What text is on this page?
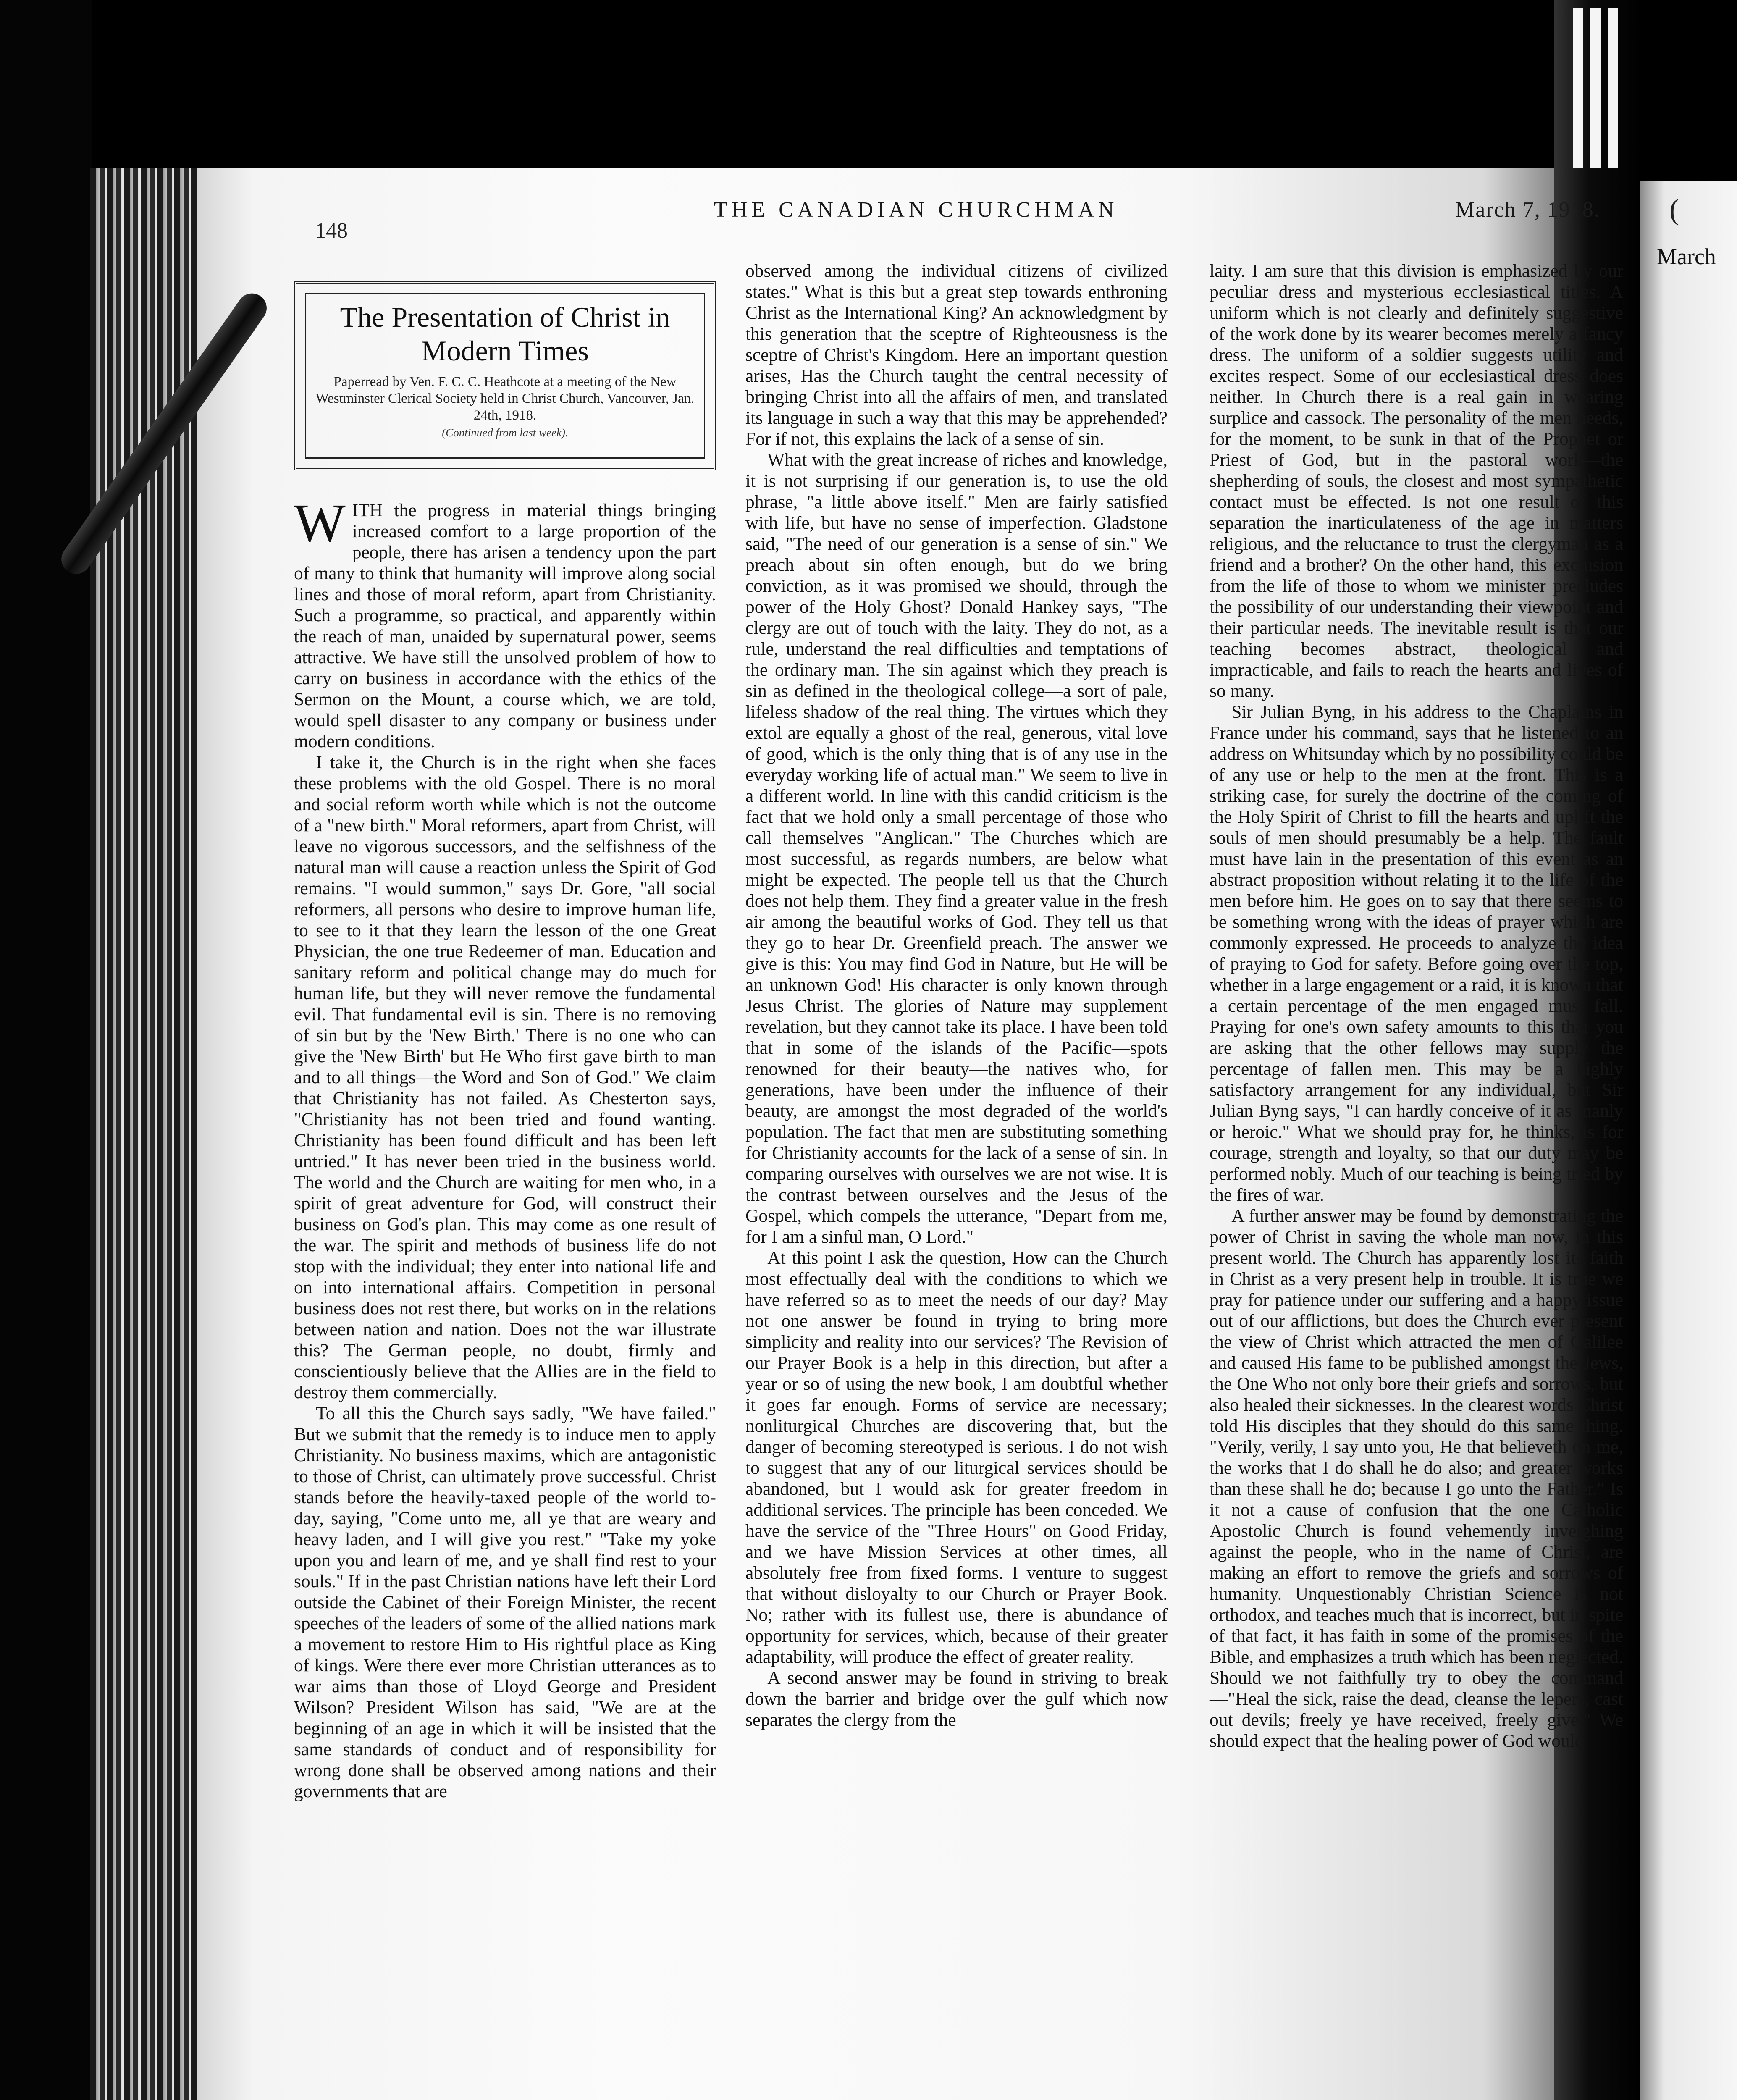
(
March
148
THE CANADIAN CHURCHMAN	March 7, 1918.
The Presentation of Christ in Modern Times
Paperread by Ven. F. C. C. Heathcote at a meeting of the New Westminster Clerical Society held in Christ Church, Vancouver, Jan. 24th, 1918.
(Continued from last week).

WITH the progress in material things bringing increased comfort to a large proportion of the people, there has arisen a tendency upon the part of many to think that humanity will improve along social lines and those of moral reform, apart from Christianity. Such a programme, so practical, and apparently within the reach of man, unaided by supernatural power, seems attractive. We have still the unsolved problem of how to carry on business in accordance with the ethics of the Sermon on the Mount, a course which, we are told, would spell disaster to any company or business under modern conditions.

I take it, the Church is in the right when she faces these problems with the old Gospel. There is no moral and social reform worth while which is not the outcome of a "new birth." Moral reformers, apart from Christ, will leave no vigorous successors, and the selfishness of the natural man will cause a reaction unless the Spirit of God remains. "I would summon," says Dr. Gore, "all social reformers, all persons who desire to improve human life, to see to it that they learn the lesson of the one Great Physician, the one true Redeemer of man. Education and sanitary reform and political change may do much for human life, but they will never remove the fundamental evil. That fundamental evil is sin. There is no removing of sin but by the 'New Birth.' There is no one who can give the 'New Birth' but He Who first gave birth to man and to all things—the Word and Son of God." We claim that Christianity has not failed. As Chesterton says, "Christianity has not been tried and found wanting. Christianity has been found difficult and has been left untried." It has never been tried in the business world. The world and the Church are waiting for men who, in a spirit of great adventure for God, will construct their business on God's plan. This may come as one result of the war. The spirit and methods of business life do not stop with the individual; they enter into national life and on into international affairs. Competition in personal business does not rest there, but works on in the relations between nation and nation. Does not the war illustrate this? The German people, no doubt, firmly and conscientiously believe that the Allies are in the field to destroy them commercially.

To all this the Church says sadly, "We have failed." But we submit that the remedy is to induce men to apply Christianity. No business maxims, which are antagonistic to those of Christ, can ultimately prove successful. Christ stands before the heavily-taxed people of the world to-day, saying, "Come unto me, all ye that are weary and heavy laden, and I will give you rest." "Take my yoke upon you and learn of me, and ye shall find rest to your souls." If in the past Christian nations have left their Lord outside the Cabinet of their Foreign Minister, the recent speeches of the leaders of some of the allied nations mark a movement to restore Him to His rightful place as King of kings. Were there ever more Christian utterances as to war aims than those of Lloyd George and President Wilson? President Wilson has said, "We are at the beginning of an age in which it will be insisted that the same standards of conduct and of responsibility for wrong done shall be observed among nations and their governments that are

observed among the individual citizens of civilized states." What is this but a great step towards enthroning Christ as the International King? An acknowledgment by this generation that the sceptre of Righteousness is the sceptre of Christ's Kingdom. Here an important question arises, Has the Church taught the central necessity of bringing Christ into all the affairs of men, and translated its language in such a way that this may be apprehended? For if not, this explains the lack of a sense of sin.

What with the great increase of riches and knowledge, it is not surprising if our generation is, to use the old phrase, "a little above itself." Men are fairly satisfied with life, but have no sense of imperfection. Gladstone said, "The need of our generation is a sense of sin." We preach about sin often enough, but do we bring conviction, as it was promised we should, through the power of the Holy Ghost? Donald Hankey says, "The clergy are out of touch with the laity. They do not, as a rule, understand the real difficulties and temptations of the ordinary man. The sin against which they preach is sin as defined in the theological college—a sort of pale, lifeless shadow of the real thing. The virtues which they extol are equally a ghost of the real, generous, vital love of good, which is the only thing that is of any use in the everyday working life of actual man." We seem to live in a different world. In line with this candid criticism is the fact that we hold only a small percentage of those who call themselves "Anglican." The Churches which are most successful, as regards numbers, are below what might be expected. The people tell us that the Church does not help them. They find a greater value in the fresh air among the beautiful works of God. They tell us that they go to hear Dr. Greenfield preach. The answer we give is this: You may find God in Nature, but He will be an unknown God! His character is only known through Jesus Christ. The glories of Nature may supplement revelation, but they cannot take its place. I have been told that in some of the islands of the Pacific—spots renowned for their beauty—the natives who, for generations, have been under the influence of their beauty, are amongst the most degraded of the world's population. The fact that men are substituting something for Christianity accounts for the lack of a sense of sin. In comparing ourselves with ourselves we are not wise. It is the contrast between ourselves and the Jesus of the Gospel, which compels the utterance, "Depart from me, for I am a sinful man, O Lord."

At this point I ask the question, How can the Church most effectually deal with the conditions to which we have referred so as to meet the needs of our day? May not one answer be found in trying to bring more simplicity and reality into our services? The Revision of our Prayer Book is a help in this direction, but after a year or so of using the new book, I am doubtful whether it goes far enough. Forms of service are necessary; nonliturgical Churches are discovering that, but the danger of becoming stereotyped is serious. I do not wish to suggest that any of our liturgical services should be abandoned, but I would ask for greater freedom in additional services. The principle has been conceded. We have the service of the "Three Hours" on Good Friday, and we have Mission Services at other times, all absolutely free from fixed forms. I venture to suggest that without disloyalty to our Church or Prayer Book. No; rather with its fullest use, there is abundance of opportunity for services, which, because of their greater adaptability, will produce the effect of greater reality.

A second answer may be found in striving to break down the barrier and bridge over the gulf which now separates the clergy from the

laity. I am sure that this division is emphasized by our peculiar dress and mysterious ecclesiastical titles. A uniform which is not clearly and definitely suggestive of the work done by its wearer becomes merely a fancy dress. The uniform of a soldier suggests utility and excites respect. Some of our ecclesiastical dress does neither. In Church there is a real gain in wearing surplice and cassock. The personality of the men needs, for the moment, to be sunk in that of the Prophet or Priest of God, but in the pastoral work—the shepherding of souls, the closest and most sympathetic contact must be effected. Is not one result of this separation the inarticulateness of the age in matters religious, and the reluctance to trust the clergyman as a friend and a brother? On the other hand, this exclusion from the life of those to whom we minister precludes the possibility of our understanding their viewpoint and their particular needs. The inevitable result is that our teaching becomes abstract, theological and impracticable, and fails to reach the hearts and lives of so many.

Sir Julian Byng, in his address to the Chaplains in France under his command, says that he listened to an address on Whitsunday which by no possibility could be of any use or help to the men at the front. This is a striking case, for surely the doctrine of the coming of the Holy Spirit of Christ to fill the hearts and uplift the souls of men should presumably be a help. The fault must have lain in the presentation of this event as an abstract proposition without relating it to the life of the men before him. He goes on to say that there seems to be something wrong with the ideas of prayer which are commonly expressed. He proceeds to analyze the idea of praying to God for safety. Before going over the top, whether in a large engagement or a raid, it is known that a certain percentage of the men engaged must fall. Praying for one's own safety amounts to this that you are asking that the other fellows may supply the percentage of fallen men. This may be a highly satisfactory arrangement for any individual, but Sir Julian Byng says, "I can hardly conceive of it as manly or heroic." What we should pray for, he thinks, is for courage, strength and loyalty, so that our duty may be performed nobly. Much of our teaching is being tried by the fires of war.

A further answer may be found by demonstrating the power of Christ in saving the whole man now, in this present world. The Church has apparently lost its faith in Christ as a very present help in trouble. It is true we pray for patience under our suffering and a happy issue out of our afflictions, but does the Church ever present the view of Christ which attracted the men of Galilee and caused His fame to be published amongst the Jews, the One Who not only bore their griefs and sorrows, but also healed their sicknesses. In the clearest words Christ told His disciples that they should do this same thing. "Verily, verily, I say unto you, He that believeth on me, the works that I do shall he do also; and greater works than these shall he do; because I go unto the Father." Is it not a cause of confusion that the one Catholic Apostolic Church is found vehemently inveighing against the people, who in the name of Christ, are making an effort to remove the griefs and sorrows of humanity. Unquestionably Christian Science is not orthodox, and teaches much that is incorrect, but in spite of that fact, it has faith in some of the promises of the Bible, and emphasizes a truth which has been neglected. Should we not faithfully try to obey the command—"Heal the sick, raise the dead, cleanse the lepers, cast out devils; freely ye have received, freely give." We should expect that the healing power of God would
